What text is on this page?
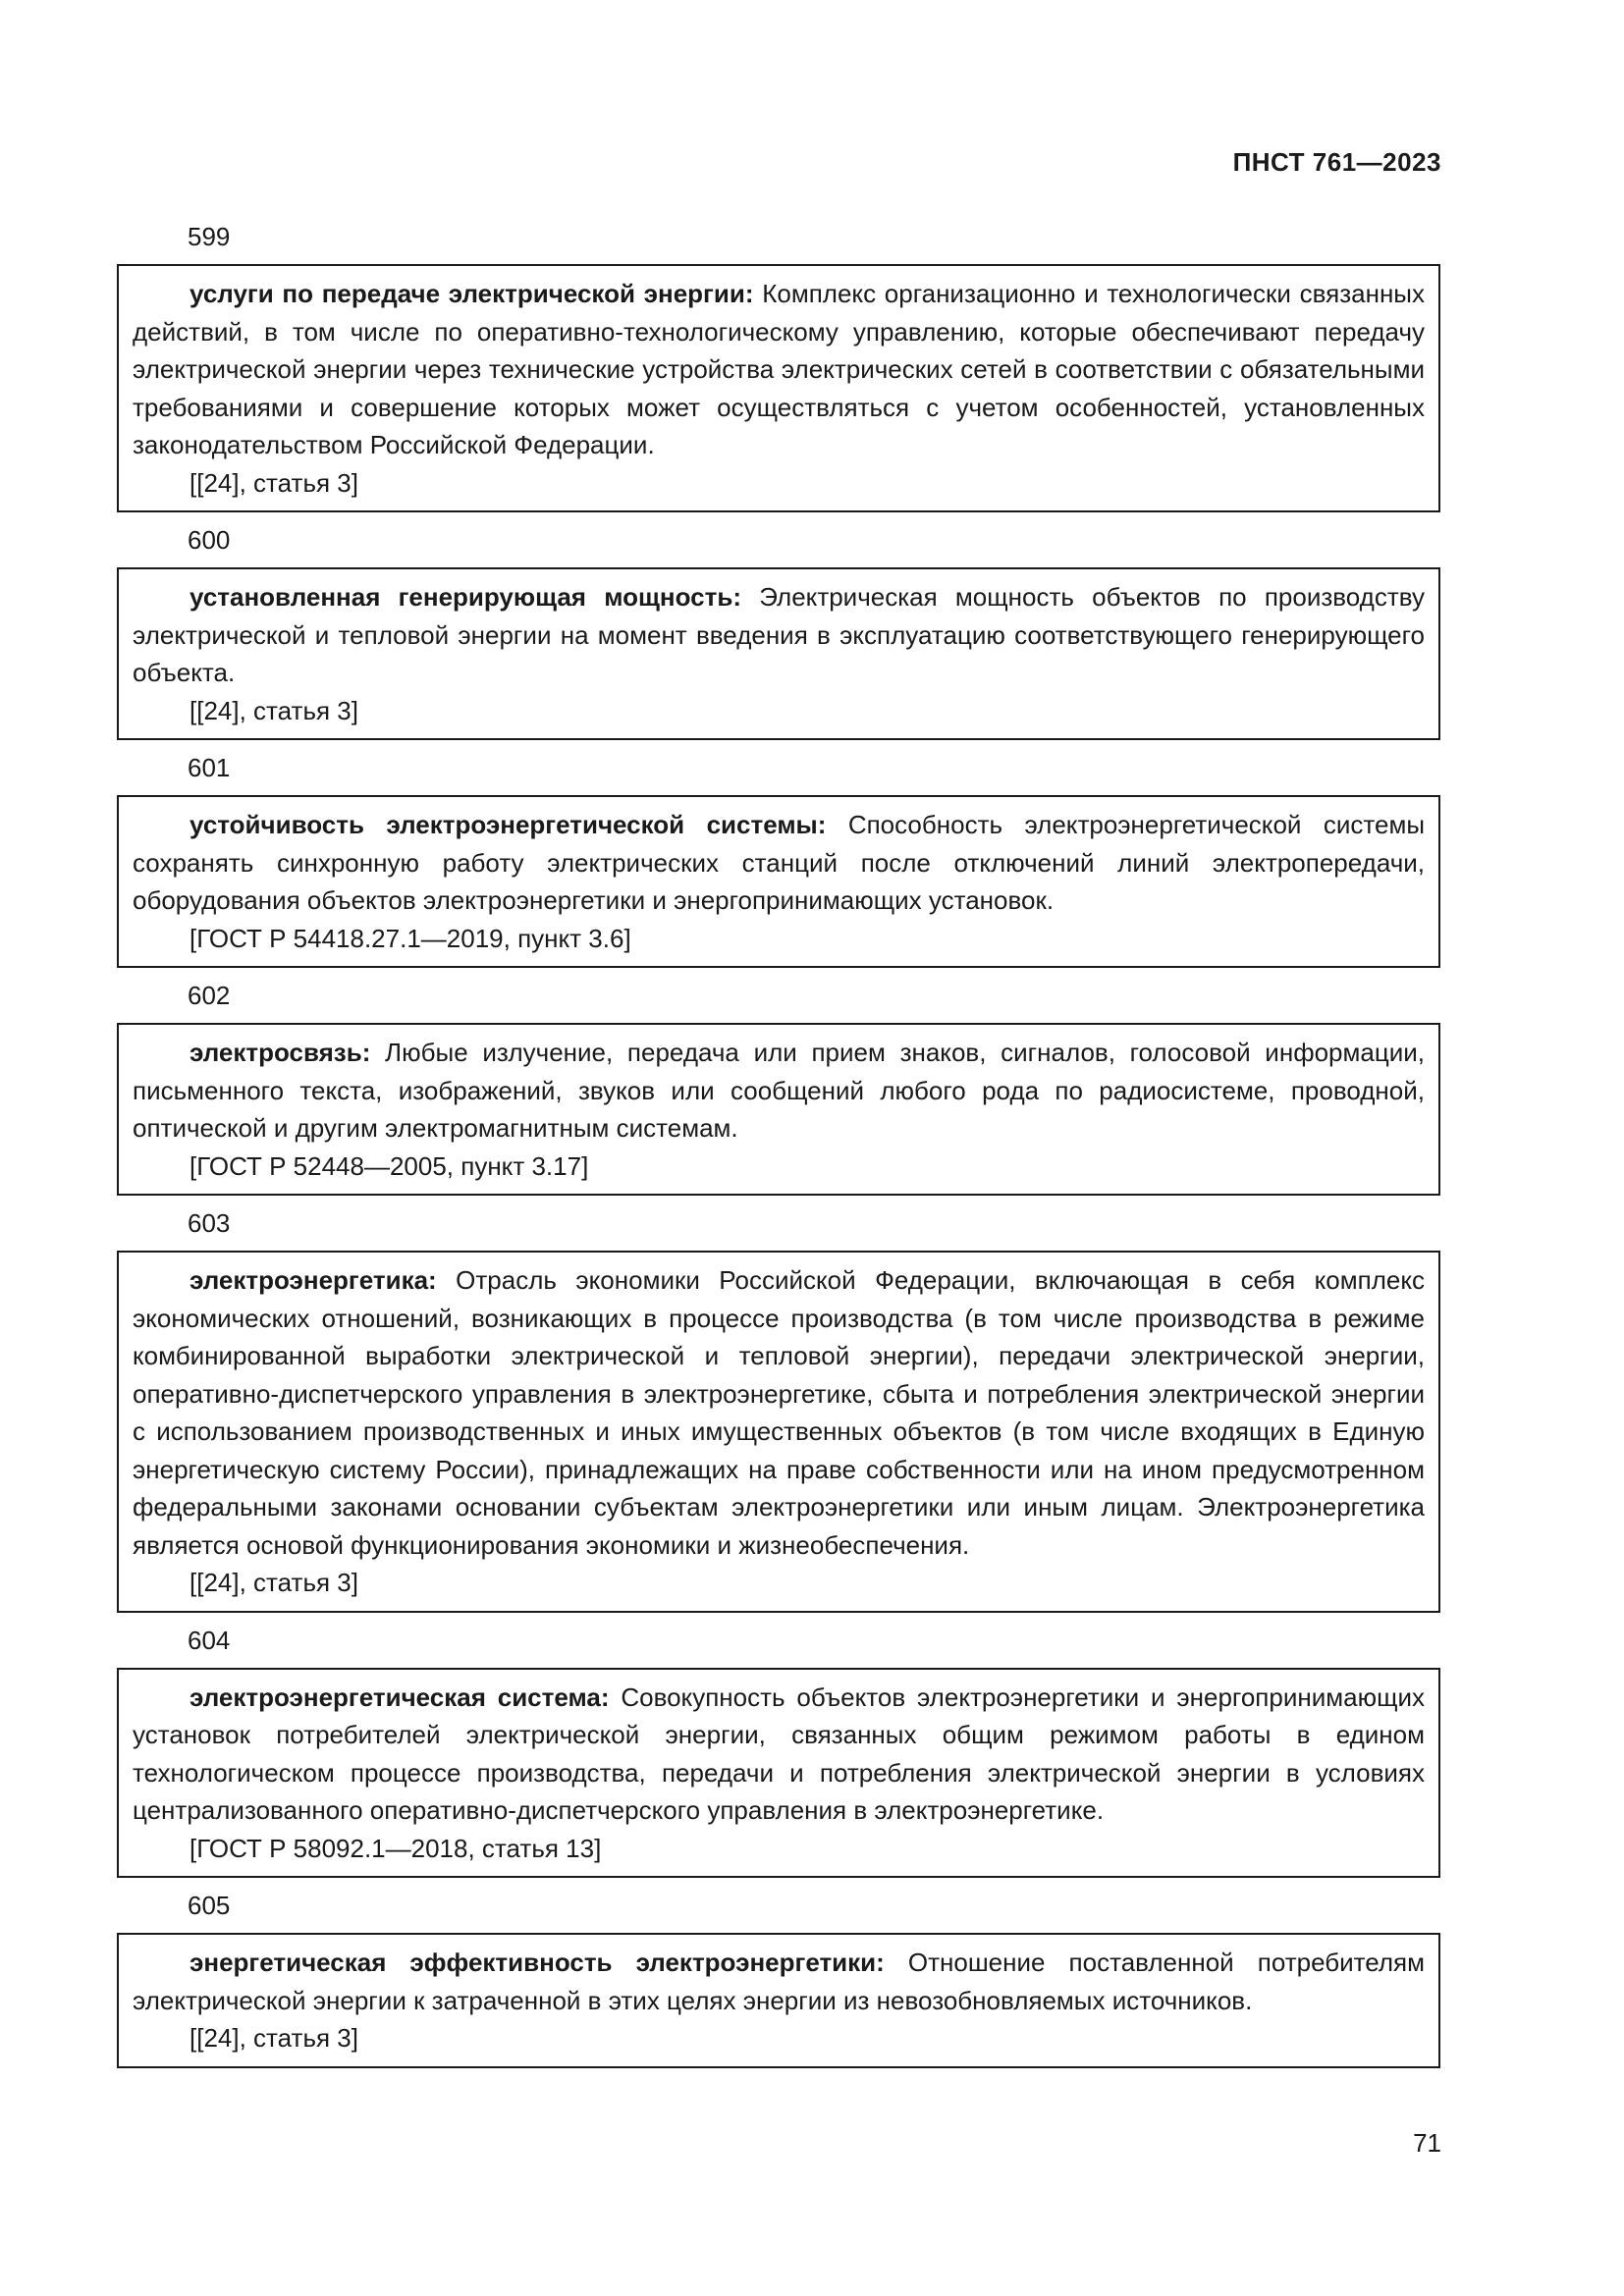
ПНСТ 761—2023
599

услуги по передаче электрической энергии: Комплекс организационно и технологически связанных действий, в том числе по оперативно-технологическому управлению, которые обеспечивают передачу электрической энергии через технические устройства электрических сетей в соответствии с обязательными требованиями и совершение которых может осуществляться с учетом особенностей, установленных законодательством Российской Федерации.

[[24], статья 3]

600

установленная генерирующая мощность: Электрическая мощность объектов по производству электрической и тепловой энергии на момент введения в эксплуатацию соответствующего генерирующего объекта.

[[24], статья 3]

601

устойчивость электроэнергетической системы: Способность электроэнергетической системы сохранять синхронную работу электрических станций после отключений линий электропередачи, оборудования объектов электроэнергетики и энергопринимающих установок.

[ГОСТ Р 54418.27.1—2019, пункт 3.6]

602

электросвязь: Любые излучение, передача или прием знаков, сигналов, голосовой информации, письменного текста, изображений, звуков или сообщений любого рода по радиосистеме, проводной, оптической и другим электромагнитным системам.

[ГОСТ Р 52448—2005, пункт 3.17]

603

электроэнергетика: Отрасль экономики Российской Федерации, включающая в себя комплекс экономических отношений, возникающих в процессе производства (в том числе производства в режиме комбинированной выработки электрической и тепловой энергии), передачи электрической энергии, оперативно-диспетчерского управления в электроэнергетике, сбыта и потребления электрической энергии с использованием производственных и иных имущественных объектов (в том числе входящих в Единую энергетическую систему России), принадлежащих на праве собственности или на ином предусмотренном федеральными законами основании субъектам электроэнергетики или иным лицам. Электроэнергетика является основой функционирования экономики и жизнеобеспечения.

[[24], статья 3]

604

электроэнергетическая система: Совокупность объектов электроэнергетики и энергопринимающих установок потребителей электрической энергии, связанных общим режимом работы в едином технологическом процессе производства, передачи и потребления электрической энергии в условиях централизованного оперативно-диспетчерского управления в электроэнергетике.

[ГОСТ Р 58092.1—2018, статья 13]

605

энергетическая эффективность электроэнергетики: Отношение поставленной потребителям электрической энергии к затраченной в этих целях энергии из невозобновляемых источников.

[[24], статья 3]

71
